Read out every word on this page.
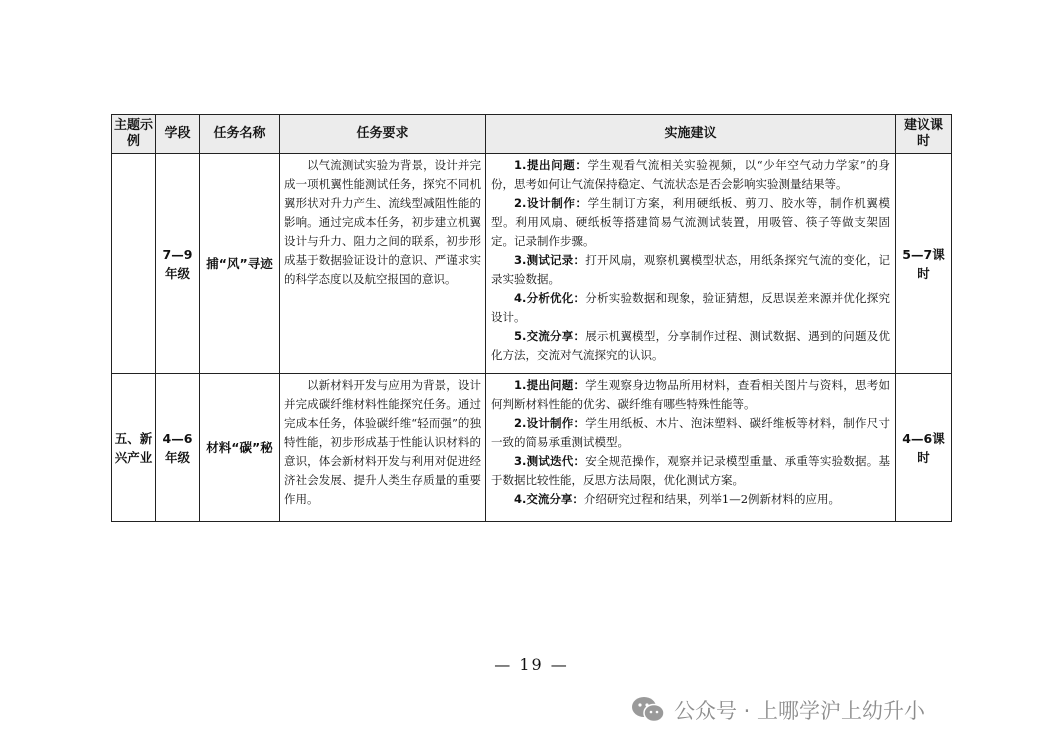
主题示例	学段	任务名称	任务要求	实施建议	建议课时
	7—9年级	捕“风”寻迹	以气流测试实验为背景，设计并完成一项机翼性能测试任务，探究不同机翼形状对升力产生、流线型减阻性能的影响。通过完成本任务，初步建立机翼设计与升力、阻力之间的联系，初步形成基于数据验证设计的意识、严谨求实的科学态度以及航空报国的意识。	1.提出问题：学生观看气流相关实验视频，以“少年空气动力学家”的身份，思考如何让气流保持稳定、气流状态是否会影响实验测量结果等。

2.设计制作：学生制订方案，利用硬纸板、剪刀、胶水等，制作机翼模型。利用风扇、硬纸板等搭建简易气流测试装置，用吸管、筷子等做支架固定。记录制作步骤。

3.测试记录：打开风扇，观察机翼模型状态，用纸条探究气流的变化，记录实验数据。

4.分析优化：分析实验数据和现象，验证猜想，反思误差来源并优化探究设计。

5.交流分享：展示机翼模型，分享制作过程、测试数据、遇到的问题及优化方法，交流对气流探究的认识。	5—7课时
五、新兴产业	4—6年级	材料“碳”秘	以新材料开发与应用为背景，设计并完成碳纤维材料性能探究任务。通过完成本任务，体验碳纤维“轻而强”的独特性能，初步形成基于性能认识材料的意识，体会新材料开发与利用对促进经济社会发展、提升人类生存质量的重要作用。	1.提出问题：学生观察身边物品所用材料，查看相关图片与资料，思考如何判断材料性能的优劣、碳纤维有哪些特殊性能等。

2.设计制作：学生用纸板、木片、泡沫塑料、碳纤维板等材料，制作尺寸一致的简易承重测试模型。

3.测试迭代：安全规范操作，观察并记录模型重量、承重等实验数据。基于数据比较性能，反思方法局限，优化测试方案。

4.交流分享：介绍研究过程和结果，列举1—2例新材料的应用。	4—6课时
— 19 —
公众号 · 上哪学沪上幼升小
